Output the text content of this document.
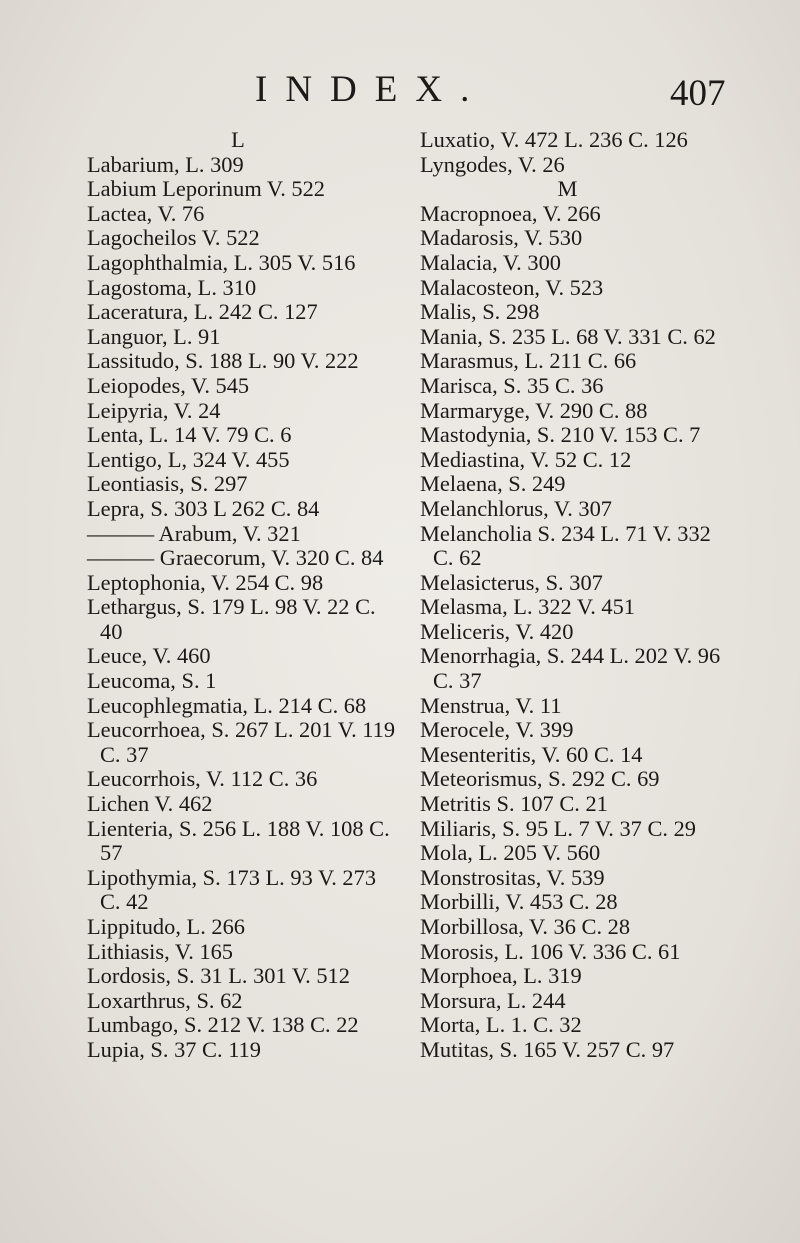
INDEX.	407
L
Labarium, L. 309
Labium Leporinum V. 522
Lactea, V. 76
Lagocheilos V. 522
Lagophthalmia, L. 305 V. 516
Lagostoma, L. 310
Laceratura, L. 242 C. 127
Languor, L. 91
Lassitudo, S. 188 L. 90 V. 222
Leiopodes, V. 545
Leipyria, V. 24
Lenta, L. 14 V. 79 C. 6
Lentigo, L, 324 V. 455
Leontiasis, S. 297
Lepra, S. 303 L 262 C. 84
——— Arabum, V. 321
——— Graecorum, V. 320 C. 84
Leptophonia, V. 254 C. 98
Lethargus, S. 179 L. 98 V. 22 C. 40
Leuce, V. 460
Leucoma, S. 1
Leucophlegmatia, L. 214 C. 68
Leucorrhoea, S. 267 L. 201 V. 119 C. 37
Leucorrhois, V. 112 C. 36
Lichen V. 462
Lienteria, S. 256 L. 188 V. 108 C. 57
Lipothymia, S. 173 L. 93 V. 273 C. 42
Lippitudo, L. 266
Lithiasis, V. 165
Lordosis, S. 31 L. 301 V. 512
Loxarthrus, S. 62
Lumbago, S. 212 V. 138 C. 22
Lupia, S. 37 C. 119
Luxatio, V. 472 L. 236 C. 126
Lyngodes, V. 26
M
Macropnoea, V. 266
Madarosis, V. 530
Malacia, V. 300
Malacosteon, V. 523
Malis, S. 298
Mania, S. 235 L. 68 V. 331 C. 62
Marasmus, L. 211 C. 66
Marisca, S. 35 C. 36
Marmaryge, V. 290 C. 88
Mastodynia, S. 210 V. 153 C. 7
Mediastina, V. 52 C. 12
Melaena, S. 249
Melanchlorus, V. 307
Melancholia S. 234 L. 71 V. 332 C. 62
Melasicterus, S. 307
Melasma, L. 322 V. 451
Meliceris, V. 420
Menorrhagia, S. 244 L. 202 V. 96 C. 37
Menstrua, V. 11
Merocele, V. 399
Mesenteritis, V. 60 C. 14
Meteorismus, S. 292 C. 69
Metritis S. 107 C. 21
Miliaris, S. 95 L. 7 V. 37 C. 29
Mola, L. 205 V. 560
Monstrositas, V. 539
Morbilli, V. 453 C. 28
Morbillosa, V. 36 C. 28
Morosis, L. 106 V. 336 C. 61
Morphoea, L. 319
Morsura, L. 244
Morta, L. 1. C. 32
Mutitas, S. 165 V. 257 C. 97
